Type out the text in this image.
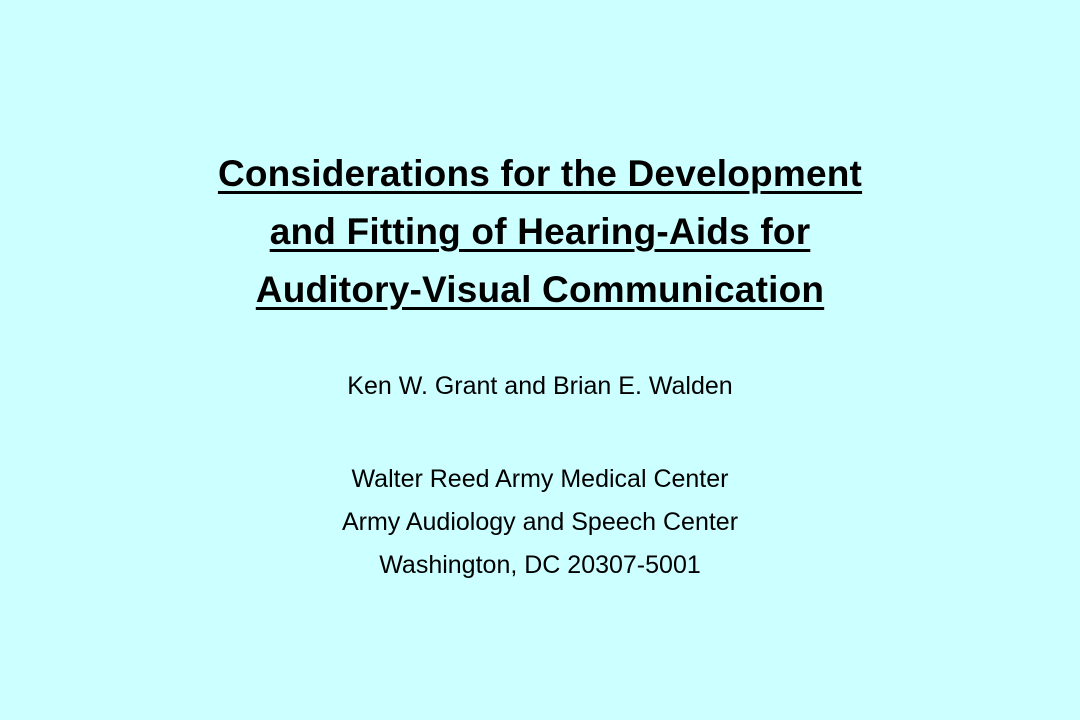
Considerations for the Development
and Fitting of Hearing-Aids for
Auditory-Visual Communication
Ken W. Grant and Brian E. Walden
Walter Reed Army Medical Center
Army Audiology and Speech Center
Washington, DC 20307-5001
